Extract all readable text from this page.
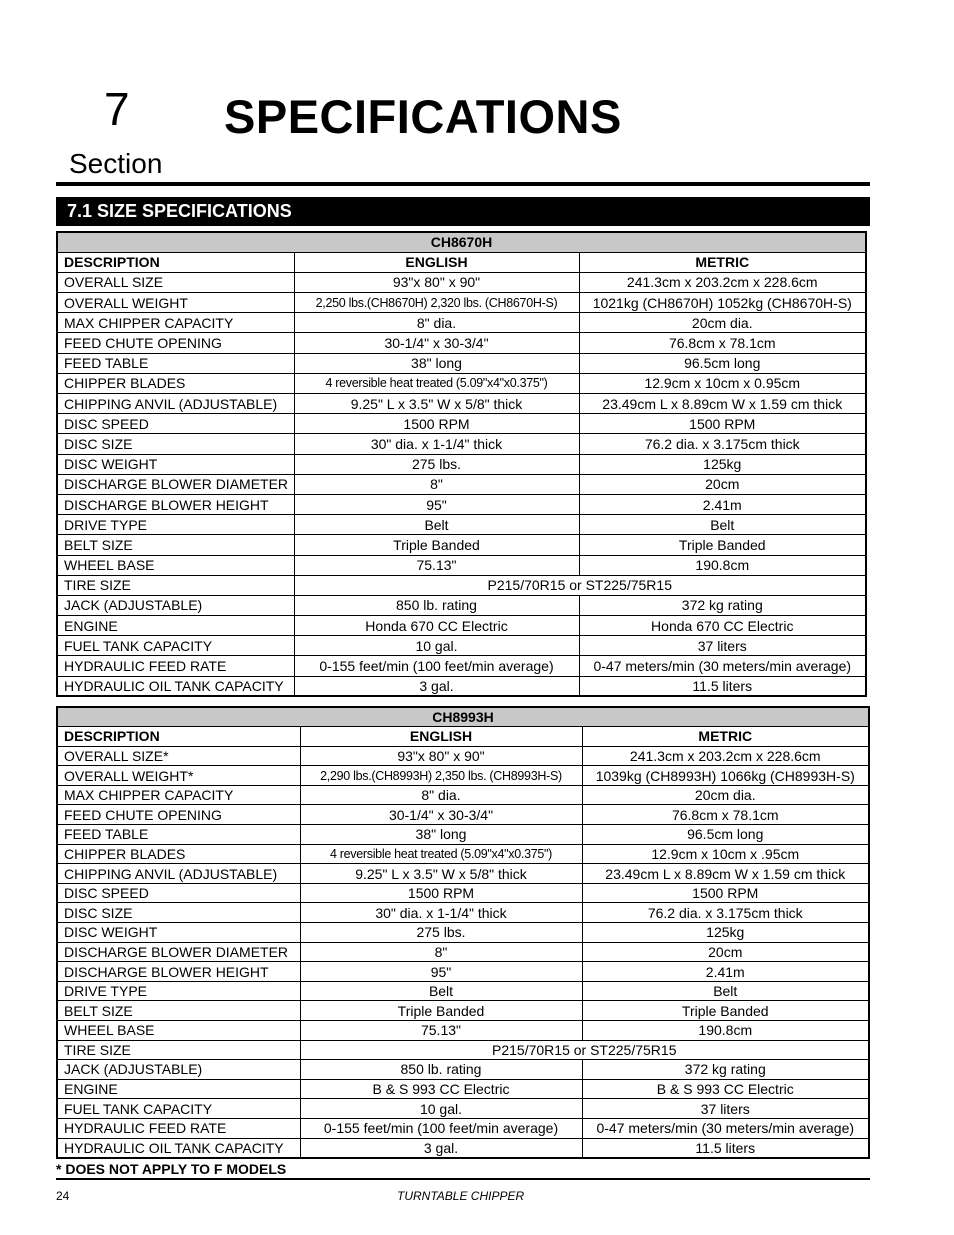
7 SPECIFICATIONS
Section
7.1 SIZE SPECIFICATIONS
CH8670H		
DESCRIPTION	ENGLISH	METRIC
OVERALL SIZE	93"x 80" x 90"	241.3cm x 203.2cm x 228.6cm
OVERALL WEIGHT	2,250 lbs.(CH8670H) 2,320 lbs. (CH8670H-S)	1021kg (CH8670H) 1052kg (CH8670H-S)
MAX CHIPPER CAPACITY	8" dia.	20cm dia.
FEED CHUTE OPENING	30-1/4" x 30-3/4"	76.8cm x 78.1cm
FEED TABLE	38" long	96.5cm long
CHIPPER BLADES	4 reversible heat treated (5.09"x4"x0.375")	12.9cm x 10cm x 0.95cm
CHIPPING ANVIL (ADJUSTABLE)	9.25" L x 3.5" W x 5/8" thick	23.49cm L x 8.89cm W x 1.59 cm thick
DISC SPEED	1500 RPM	1500 RPM
DISC SIZE	30" dia. x 1-1/4" thick	76.2 dia. x 3.175cm thick
DISC WEIGHT	275 lbs.	125kg
DISCHARGE BLOWER DIAMETER	8"	20cm
DISCHARGE BLOWER HEIGHT	95"	2.41m
DRIVE TYPE	Belt	Belt
BELT SIZE	Triple Banded	Triple Banded
WHEEL BASE	75.13"	190.8cm
TIRE SIZE	P215/70R15 or ST225/75R15	
JACK (ADJUSTABLE)	850 lb. rating	372 kg rating
ENGINE	Honda 670 CC Electric	Honda 670 CC Electric
FUEL TANK CAPACITY	10 gal.	37 liters
HYDRAULIC FEED RATE	0-155 feet/min (100 feet/min average)	0-47 meters/min (30 meters/min average)
HYDRAULIC OIL TANK CAPACITY	3 gal.	11.5 liters
CH8993H		
DESCRIPTION	ENGLISH	METRIC
OVERALL SIZE*	93"x 80" x 90"	241.3cm x 203.2cm x 228.6cm
OVERALL WEIGHT*	2,290 lbs.(CH8993H) 2,350 lbs. (CH8993H-S)	1039kg (CH8993H) 1066kg (CH8993H-S)
MAX CHIPPER CAPACITY	8" dia.	20cm dia.
FEED CHUTE OPENING	30-1/4" x 30-3/4"	76.8cm x 78.1cm
FEED TABLE	38" long	96.5cm long
CHIPPER BLADES	4 reversible heat treated (5.09"x4"x0.375")	12.9cm x 10cm x .95cm
CHIPPING ANVIL (ADJUSTABLE)	9.25" L x 3.5" W x 5/8" thick	23.49cm L x 8.89cm W x 1.59 cm thick
DISC SPEED	1500 RPM	1500 RPM
DISC SIZE	30" dia. x 1-1/4" thick	76.2 dia. x 3.175cm thick
DISC WEIGHT	275 lbs.	125kg
DISCHARGE BLOWER DIAMETER	8"	20cm
DISCHARGE BLOWER HEIGHT	95"	2.41m
DRIVE TYPE	Belt	Belt
BELT SIZE	Triple Banded	Triple Banded
WHEEL BASE	75.13"	190.8cm
TIRE SIZE	P215/70R15 or ST225/75R15	
JACK (ADJUSTABLE)	850 lb. rating	372 kg rating
ENGINE	B & S 993 CC Electric	B & S 993 CC Electric
FUEL TANK CAPACITY	10 gal.	37 liters
HYDRAULIC FEED RATE	0-155 feet/min (100 feet/min average)	0-47 meters/min (30 meters/min average)
HYDRAULIC OIL TANK CAPACITY	3 gal.	11.5 liters
* DOES NOT APPLY TO F MODELS
24	TURNTABLE CHIPPER
